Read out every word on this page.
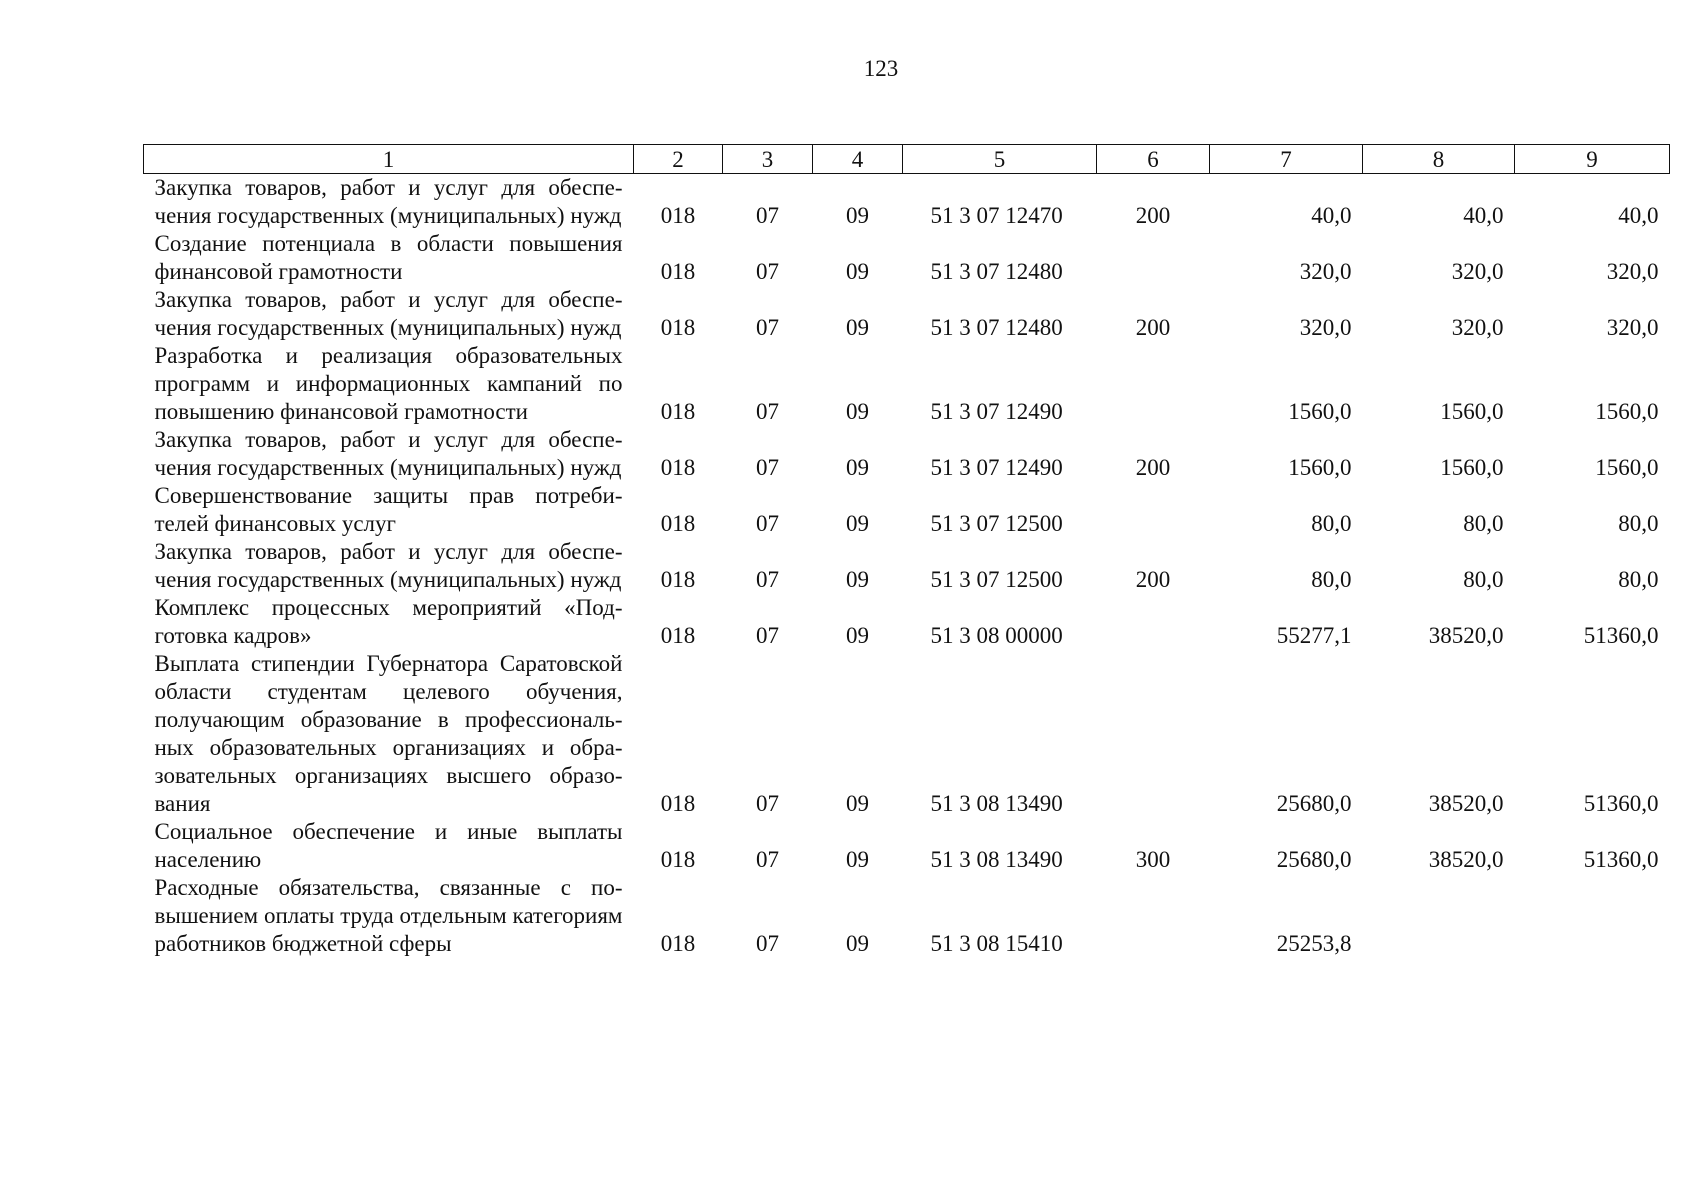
123
1	2	3	4	5	6	7	8	9
Закупка товаров, работ и услуг для обеспечения государственных (муниципальных) нужд	018	07	09	51 3 07 12470	200	40,0	40,0	40,0
Создание потенциала в области повышения финансовой грамотности	018	07	09	51 3 07 12480		320,0	320,0	320,0
Закупка товаров, работ и услуг для обеспечения государственных (муниципальных) нужд	018	07	09	51 3 07 12480	200	320,0	320,0	320,0
Разработка и реализация образовательных программ и информационных кампаний по повышению финансовой грамотности	018	07	09	51 3 07 12490		1560,0	1560,0	1560,0
Закупка товаров, работ и услуг для обеспечения государственных (муниципальных) нужд	018	07	09	51 3 07 12490	200	1560,0	1560,0	1560,0
Совершенствование защиты прав потребителей финансовых услуг	018	07	09	51 3 07 12500		80,0	80,0	80,0
Закупка товаров, работ и услуг для обеспечения государственных (муниципальных) нужд	018	07	09	51 3 07 12500	200	80,0	80,0	80,0
Комплекс процессных мероприятий «Подготовка кадров»	018	07	09	51 3 08 00000		55277,1	38520,0	51360,0
Выплата стипендии Губернатора Саратовской области студентам целевого обучения, получающим образование в профессиональных образовательных организациях и образовательных организациях высшего образования	018	07	09	51 3 08 13490		25680,0	38520,0	51360,0
Социальное обеспечение и иные выплаты населению	018	07	09	51 3 08 13490	300	25680,0	38520,0	51360,0
Расходные обязательства, связанные с повышением оплаты труда отдельным категориям работников бюджетной сферы	018	07	09	51 3 08 15410		25253,8		
